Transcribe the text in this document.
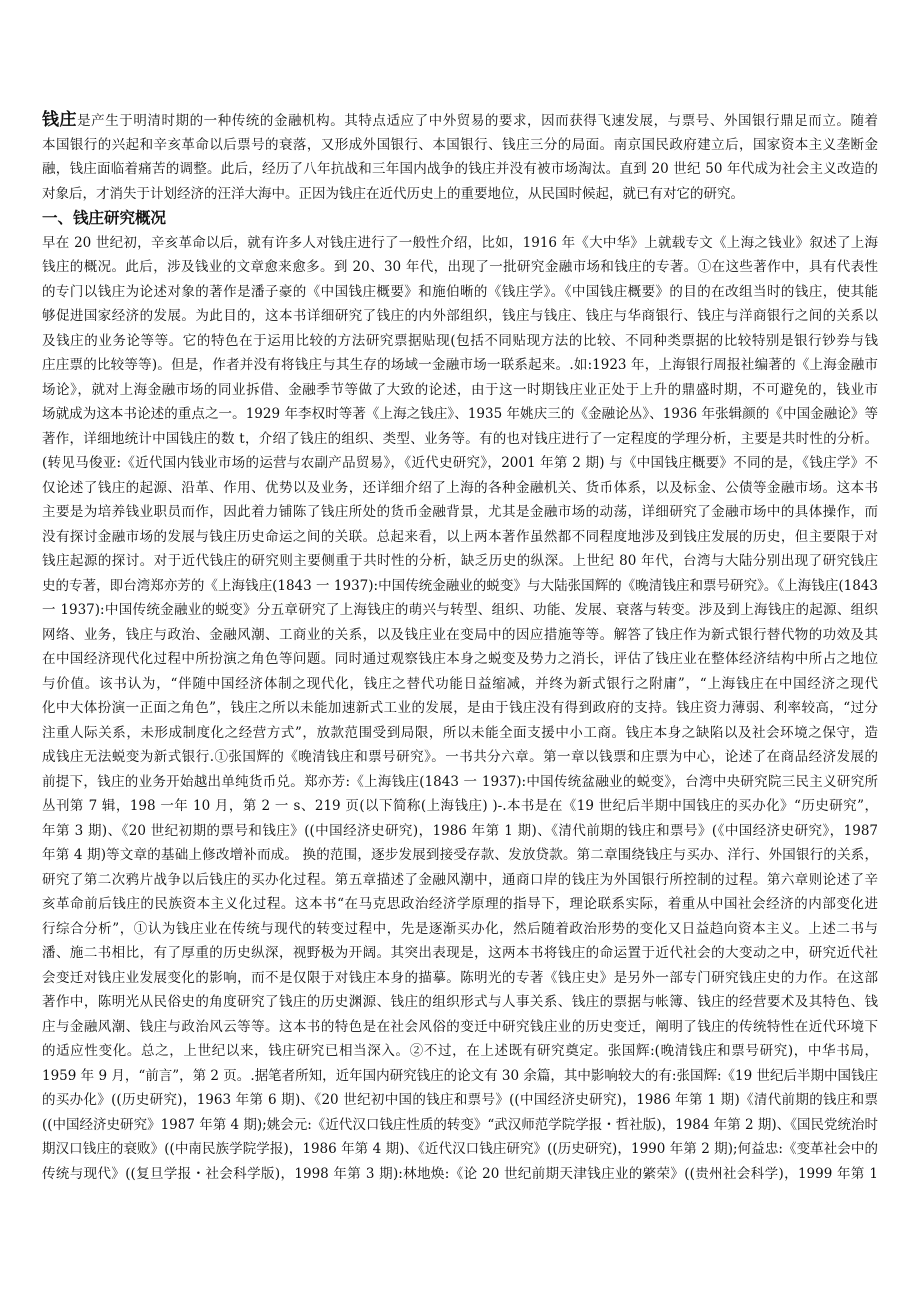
钱庄是产生于明清时期的一种传统的金融机构。其特点适应了中外贸易的要求，因而获得飞速发展，与票号、外国银行鼎足而立。随着
本国银行的兴起和辛亥革命以后票号的衰落，又形成外国银行、本国银行、钱庄三分的局面。南京国民政府建立后，国家资本主义垄断金
融，钱庄面临着痛苦的调整。此后，经历了八年抗战和三年国内战争的钱庄并没有被市场淘汰。直到 20 世纪 50 年代成为社会主义改造的
对象后，才消失于计划经济的汪洋大海中。正因为钱庄在近代历史上的重要地位，从民国时候起，就已有对它的研究。
一、钱庄研究概况
早在 20 世纪初，辛亥革命以后，就有许多人对钱庄进行了一般性介绍，比如，1916 年《大中华》上就载专文《上海之钱业》叙述了上海
钱庄的概况。此后，涉及钱业的文章愈来愈多。到 20、30 年代，出现了一批研究金融市场和钱庄的专著。①在这些著作中，具有代表性
的专门以钱庄为论述对象的著作是潘子豪的《中国钱庄概要》和施伯晰的《钱庄学》。《中国钱庄概要》的目的在改组当时的钱庄，使其能
够促进国家经济的发展。为此目的，这本书详细研究了钱庄的内外部组织，钱庄与钱庄、钱庄与华商银行、钱庄与洋商银行之间的关系以
及钱庄的业务论等等。它的特色在于运用比较的方法研究票据贴现(包括不同贴现方法的比较、不同种类票据的比较特别是银行钞券与钱
庄庄票的比较等等)。但是，作者并没有将钱庄与其生存的场域一金融市场一联系起来。.如:1923 年，上海银行周报社编著的《上海金融市
场论》，就对上海金融市场的同业拆借、金融季节等做了大致的论述，由于这一时期钱庄业正处于上升的鼎盛时期，不可避免的，钱业市
场就成为这本书论述的重点之一。1929 年李权时等著《上海之钱庄》、1935 年姚庆三的《金融论丛》、1936 年张辑颜的《中国金融论》等
著作，详细地统计中国钱庄的数 t，介绍了钱庄的组织、类型、业务等。有的也对钱庄进行了一定程度的学理分析，主要是共时性的分析。
(转见马俊亚:《近代国内钱业市场的运营与农副产品贸易》，《近代史研究》，2001 年第 2 期) 与《中国钱庄概要》不同的是，《钱庄学》不
仅论述了钱庄的起源、沿革、作用、优势以及业务，还详细介绍了上海的各种金融机关、货币体系，以及标金、公债等金融市场。这本书
主要是为培养钱业职员而作，因此着力铺陈了钱庄所处的货币金融背景，尤其是金融市场的动荡，详细研究了金融市场中的具体操作，而
没有探讨金融市场的发展与钱庄历史命运之间的关联。总起来看，以上两本著作虽然都不同程度地涉及到钱庄发展的历史，但主要限于对
钱庄起源的探讨。对于近代钱庄的研究则主要侧重于共时性的分析，缺乏历史的纵深。上世纪 80 年代，台湾与大陆分别出现了研究钱庄
史的专著，即台湾郑亦芳的《上海钱庄(1843 一 1937):中国传统金融业的蜕变》与大陆张国辉的《晚清钱庄和票号研究》。《上海钱庄(1843
一 1937):中国传统金融业的蜕变》分五章研究了上海钱庄的萌兴与转型、组织、功能、发展、衰落与转变。涉及到上海钱庄的起源、组织
网络、业务，钱庄与政治、金融风潮、工商业的关系，以及钱庄业在变局中的因应措施等等。解答了钱庄作为新式银行替代物的功效及其
在中国经济现代化过程中所扮演之角色等问题。同时通过观察钱庄本身之蜕变及势力之消长，评估了钱庄业在整体经济结构中所占之地位
与价值。该书认为，“伴随中国经济体制之现代化，钱庄之替代功能日益缩减，并终为新式银行之附庸”，“上海钱庄在中国经济之现代
化中大体扮演一正面之角色”，钱庄之所以未能加速新式工业的发展，是由于钱庄没有得到政府的支持。钱庄资力薄弱、利率较高，“过分
注重人际关系，未形成制度化之经营方式”，放款范围受到局限，所以未能全面支援中小工商。钱庄本身之缺陷以及社会环境之保守，造
成钱庄无法蜕变为新式银行.①张国辉的《晚清钱庄和票号研究》。一书共分六章。第一章以钱票和庄票为中心，论述了在商品经济发展的
前提下，钱庄的业务开始越出单纯货币兑。郑亦芳:《上海钱庄(1843 一 1937):中国传统盆融业的蜕变》，台湾中央研究院三民主义研究所
丛刊第 7 辑，198 一年 10 月，第 2 一 s、219 页(以下简称(上海钱庄) )-.本书是在《19 世纪后半期中国钱庄的买办化》“历史研究”，
年第 3 期)、《20 世纪初期的票号和钱庄》((中国经济史研究)，1986 年第 1 期)、《清代前期的钱庄和票号》(《中国经济史研究》，1987
年第 4 期)等文章的基础上修改增补而成。 换的范围，逐步发展到接受存款、发放贷款。第二章围绕钱庄与买办、洋行、外国银行的关系，
研究了第二次鸦片战争以后钱庄的买办化过程。第五章描述了金融风潮中，通商口岸的钱庄为外国银行所控制的过程。第六章则论述了辛
亥革命前后钱庄的民族资本主义化过程。这本书“在马克思政治经济学原理的指导下，理论联系实际，着重从中国社会经济的内部变化进
行综合分析”，①认为钱庄业在传统与现代的转变过程中，先是逐渐买办化，然后随着政治形势的变化又日益趋向资本主义。上述二书与
潘、施二书相比，有了厚重的历史纵深，视野极为开阔。其突出表现是，这两本书将钱庄的命运置于近代社会的大变动之中，研究近代社
会变迁对钱庄业发展变化的影响，而不是仅限于对钱庄本身的描摹。陈明光的专著《钱庄史》是另外一部专门研究钱庄史的力作。在这部
著作中，陈明光从民俗史的角度研究了钱庄的历史渊源、钱庄的组织形式与人事关系、钱庄的票据与帐簿、钱庄的经营要术及其特色、钱
庄与金融风潮、钱庄与政治风云等等。这本书的特色是在社会风俗的变迁中研究钱庄业的历史变迁，阐明了钱庄的传统特性在近代环境下
的适应性变化。总之，上世纪以来，钱庄研究已相当深入。②不过，在上述既有研究奠定。张国辉:(晚清钱庄和票号研究)，中华书局，
1959 年 9 月，“前言”，第 2 页。.据笔者所知，近年国内研究钱庄的论文有 30 余篇，其中影响较大的有:张国辉:《19 世纪后半期中国钱庄
的买办化》((历史研究)，1963 年第 6 期)、《20 世纪初中国的钱庄和票号》((中国经济史研究)，1986 年第 1 期)《清代前期的钱庄和票
((中国经济史研究》1987 年第 4 期);姚会元:《近代汉口钱庄性质的转变》“武汉师范学院学报・哲社版)，1984 年第 2 期)、《国民党统治时
期汉口钱庄的衰败》((中南民族学院学报)，1986 年第 4 期)、《近代汉口钱庄研究》((历史研究)，1990 年第 2 期);何益忠:《变革社会中的
传统与现代》((复旦学报・社会科学版)，1998 年第 3 期):林地焕:《论 20 世纪前期天津钱庄业的綮荣》((贵州社会科学)，1999 年第 1
